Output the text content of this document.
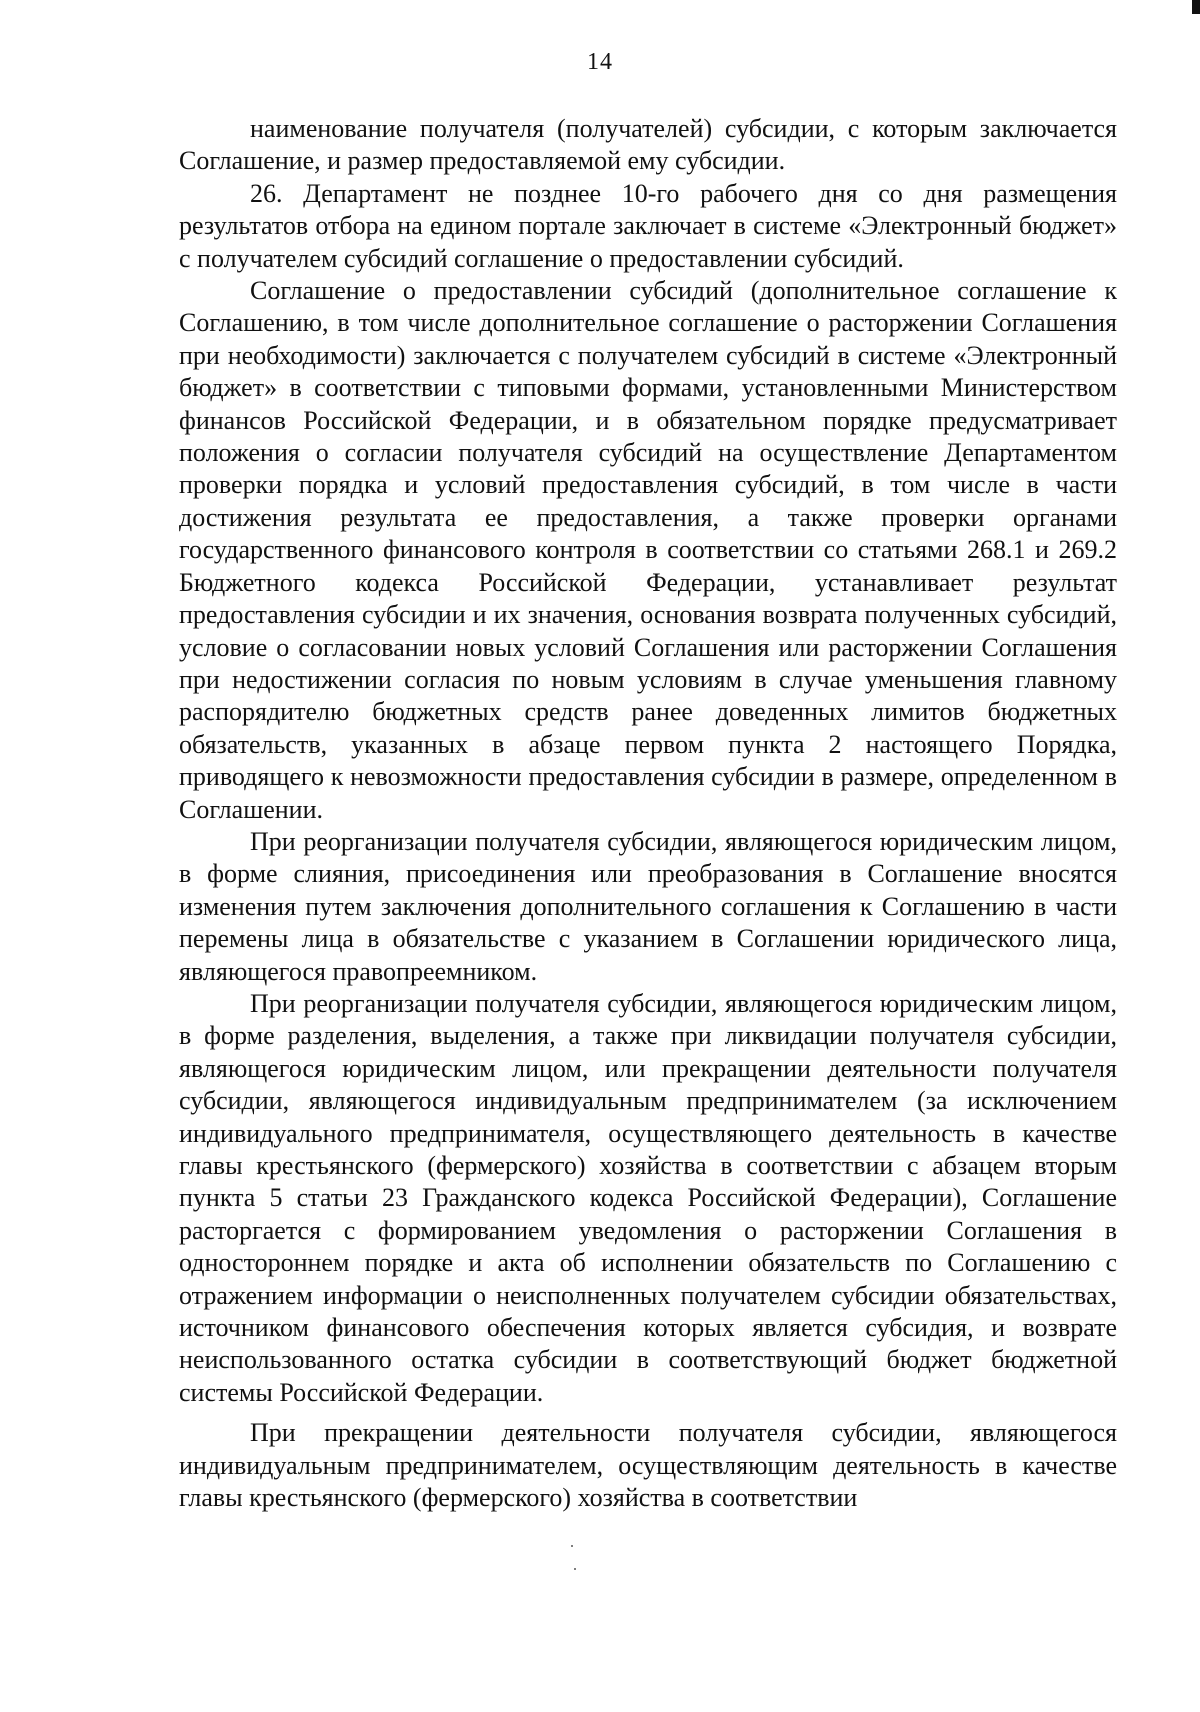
14

наименование получателя (получателей) субсидии, с которым заключается Соглашение, и размер предоставляемой ему субсидии.

26. Департамент не позднее 10-го рабочего дня со дня размещения результатов отбора на едином портале заключает в системе «Электронный бюджет» с получателем субсидий соглашение о предоставлении субсидий.

Соглашение о предоставлении субсидий (дополнительное соглашение к Соглашению, в том числе дополнительное соглашение о расторжении Соглашения при необходимости) заключается с получателем субсидий в системе «Электронный бюджет» в соответствии с типовыми формами, установленными Министерством финансов Российской Федерации, и в обязательном порядке предусматривает положения о согласии получателя субсидий на осуществление Департаментом проверки порядка и условий предоставления субсидий, в том числе в части достижения результата ее предоставления, а также проверки органами государственного финансового контроля в соответствии со статьями 268.1 и 269.2 Бюджетного кодекса Российской Федерации, устанавливает результат предоставления субсидии и их значения, основания возврата полученных субсидий, условие о согласовании новых условий Соглашения или расторжении Соглашения при недостижении согласия по новым условиям в случае уменьшения главному распорядителю бюджетных средств ранее доведенных лимитов бюджетных обязательств, указанных в абзаце первом пункта 2 настоящего Порядка, приводящего к невозможности предоставления субсидии в размере, определенном в Соглашении.

При реорганизации получателя субсидии, являющегося юридическим лицом, в форме слияния, присоединения или преобразования в Соглашение вносятся изменения путем заключения дополнительного соглашения к Соглашению в части перемены лица в обязательстве с указанием в Соглашении юридического лица, являющегося правопреемником.

При реорганизации получателя субсидии, являющегося юридическим лицом, в форме разделения, выделения, а также при ликвидации получателя субсидии, являющегося юридическим лицом, или прекращении деятельности получателя субсидии, являющегося индивидуальным предпринимателем (за исключением индивидуального предпринимателя, осуществляющего деятельность в качестве главы крестьянского (фермерского) хозяйства в соответствии с абзацем вторым пункта 5 статьи 23 Гражданского кодекса Российской Федерации), Соглашение расторгается с формированием уведомления о расторжении Соглашения в одностороннем порядке и акта об исполнении обязательств по Соглашению с отражением информации о неисполненных получателем субсидии обязательствах, источником финансового обеспечения которых является субсидия, и возврате неиспользованного остатка субсидии в соответствующий бюджет бюджетной системы Российской Федерации.

При прекращении деятельности получателя субсидии, являющегося индивидуальным предпринимателем, осуществляющим деятельность в качестве главы крестьянского (фермерского) хозяйства в соответствии
